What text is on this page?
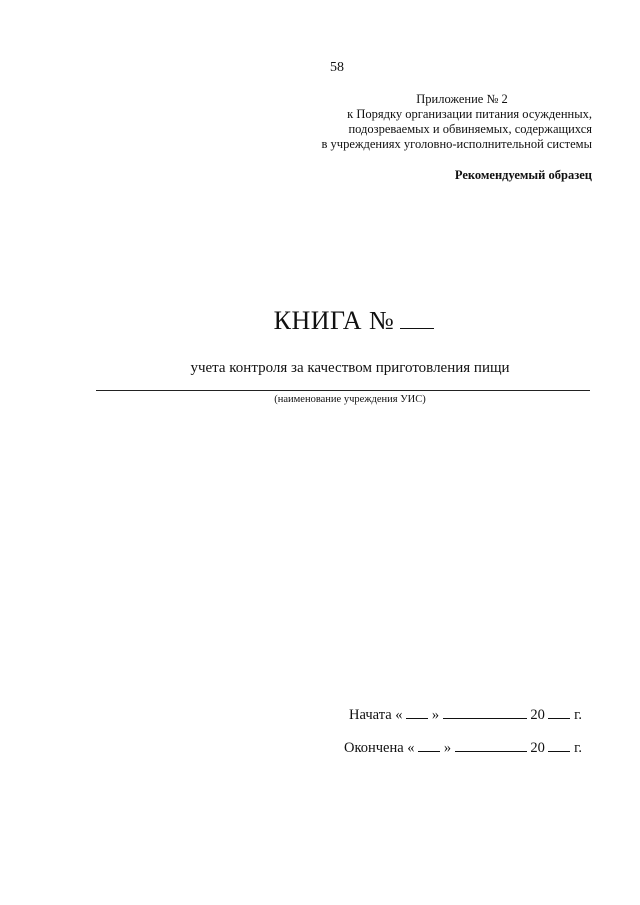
58
Приложение № 2
к Порядку организации питания осужденных,
подозреваемых и обвиняемых, содержащихся
в учреждениях уголовно-исполнительной системы
Рекомендуемый образец
КНИГА №
учета контроля за качеством приготовления пищи
(наименование учреждения УИС)
Начата « »	20 г.
Окончена « »	20 г.
